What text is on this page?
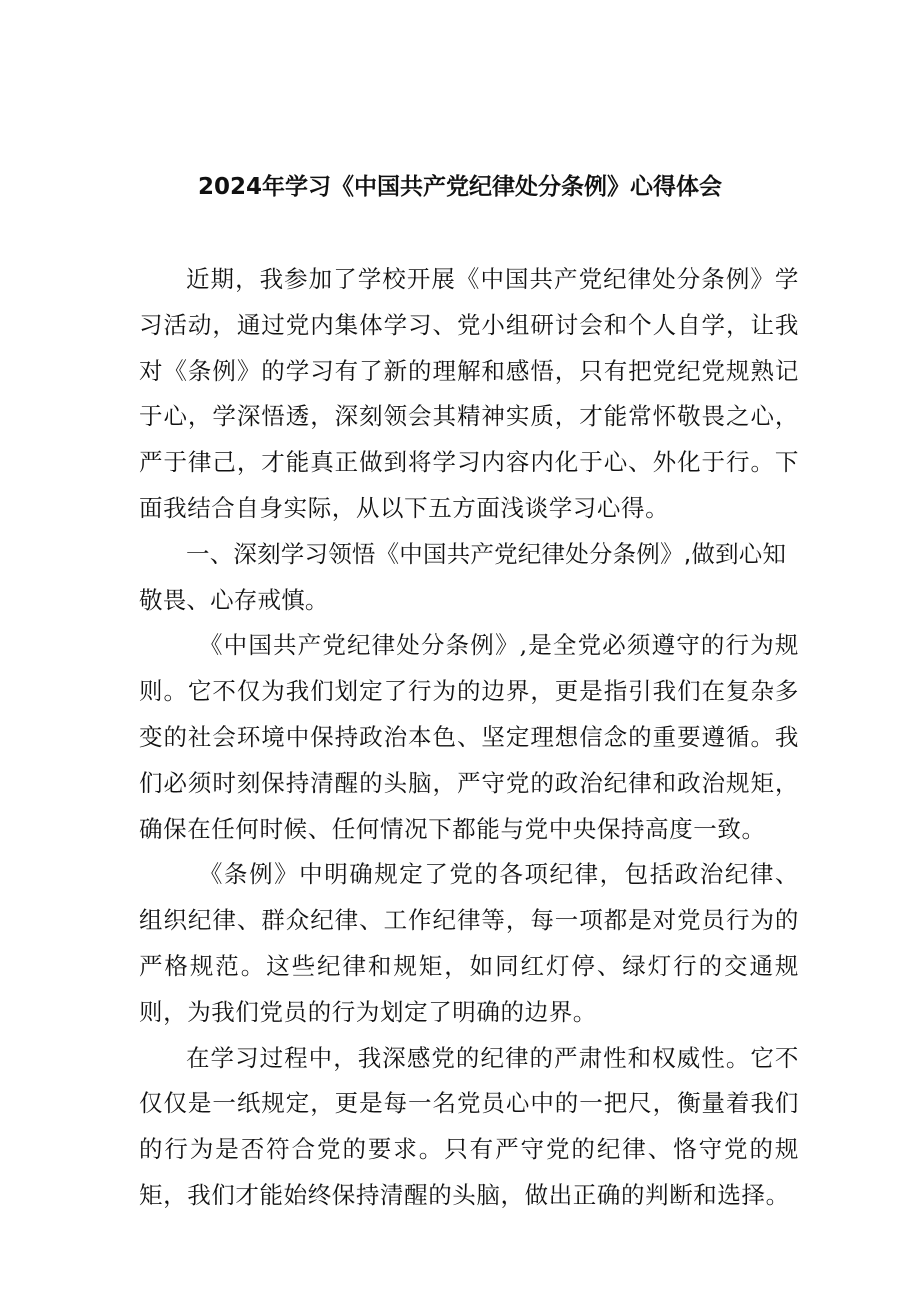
2024年学习《中国共产党纪律处分条例》心得体会

近期，我参加了学校开展《中国共产党纪律处分条例》学习活动，通过党内集体学习、党小组研讨会和个人自学，让我对《条例》的学习有了新的理解和感悟，只有把党纪党规熟记于心，学深悟透，深刻领会其精神实质，才能常怀敬畏之心，严于律己，才能真正做到将学习内容内化于心、外化于行。下面我结合自身实际，从以下五方面浅谈学习心得。

一、深刻学习领悟《中国共产党纪律处分条例》,做到心知敬畏、心存戒慎。

《中国共产党纪律处分条例》,是全党必须遵守的行为规则。它不仅为我们划定了行为的边界，更是指引我们在复杂多变的社会环境中保持政治本色、坚定理想信念的重要遵循。我们必须时刻保持清醒的头脑，严守党的政治纪律和政治规矩，确保在任何时候、任何情况下都能与党中央保持高度一致。

《条例》中明确规定了党的各项纪律，包括政治纪律、组织纪律、群众纪律、工作纪律等，每一项都是对党员行为的严格规范。这些纪律和规矩，如同红灯停、绿灯行的交通规则，为我们党员的行为划定了明确的边界。

在学习过程中，我深感党的纪律的严肃性和权威性。它不仅仅是一纸规定，更是每一名党员心中的一把尺，衡量着我们的行为是否符合党的要求。只有严守党的纪律、恪守党的规矩，我们才能始终保持清醒的头脑，做出正确的判断和选择。
